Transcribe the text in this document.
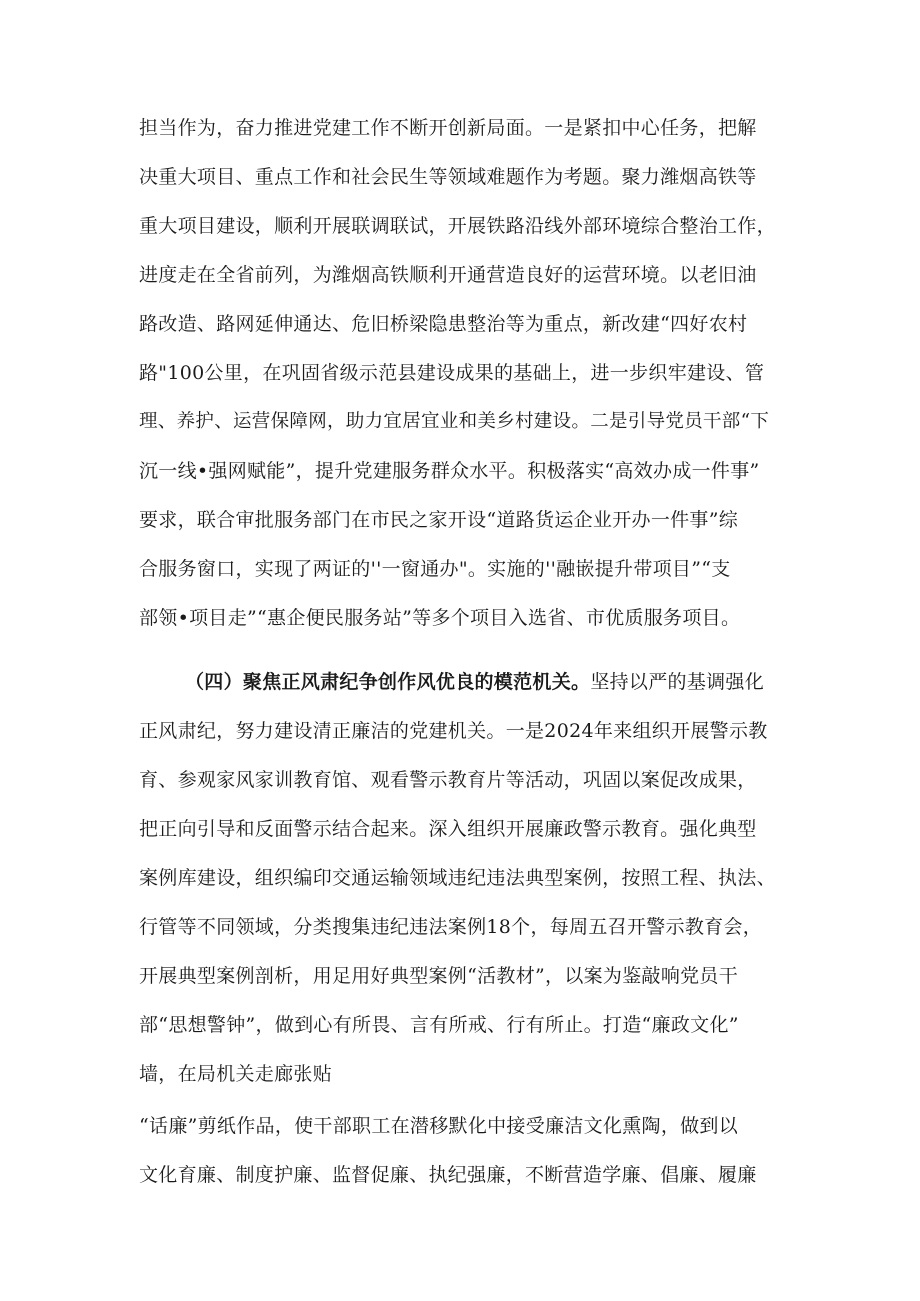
担当作为，奋力推进党建工作不断开创新局面。一是紧扣中心任务，把解
决重大项目、重点工作和社会民生等领域难题作为考题。聚力潍烟高铁等
重大项目建设，顺利开展联调联试，开展铁路沿线外部环境综合整治工作，
进度走在全省前列，为潍烟高铁顺利开通营造良好的运营环境。以老旧油
路改造、路网延伸通达、危旧桥梁隐患整治等为重点，新改建“四好农村
路"100公里，在巩固省级示范县建设成果的基础上，进一步织牢建设、管
理、养护、运营保障网，助力宜居宜业和美乡村建设。二是引导党员干部“下
沉一线•强网赋能”，提升党建服务群众水平。积极落实“高效办成一件事”
要求，联合审批服务部门在市民之家开设“道路货运企业开办一件事”综
合服务窗口，实现了两证的''一窗通办"。实施的''融嵌提升带项目”“支
部领•项目走”“惠企便民服务站”等多个项目入选省、市优质服务项目。
（四）聚焦正风肃纪争创作风优良的模范机关。坚持以严的基调强化
正风肃纪，努力建设清正廉洁的党建机关。一是2024年来组织开展警示教
育、参观家风家训教育馆、观看警示教育片等活动，巩固以案促改成果，
把正向引导和反面警示结合起来。深入组织开展廉政警示教育。强化典型
案例库建设，组织编印交通运输领域违纪违法典型案例，按照工程、执法、
行管等不同领域，分类搜集违纪违法案例18个，每周五召开警示教育会，
开展典型案例剖析，用足用好典型案例“活教材”，以案为鉴敲响党员干
部“思想警钟”，做到心有所畏、言有所戒、行有所止。打造“廉政文化”
墙，在局机关走廊张贴
“话廉”剪纸作品，使干部职工在潜移默化中接受廉洁文化熏陶，做到以
文化育廉、制度护廉、监督促廉、执纪强廉，不断营造学廉、倡廉、履廉
